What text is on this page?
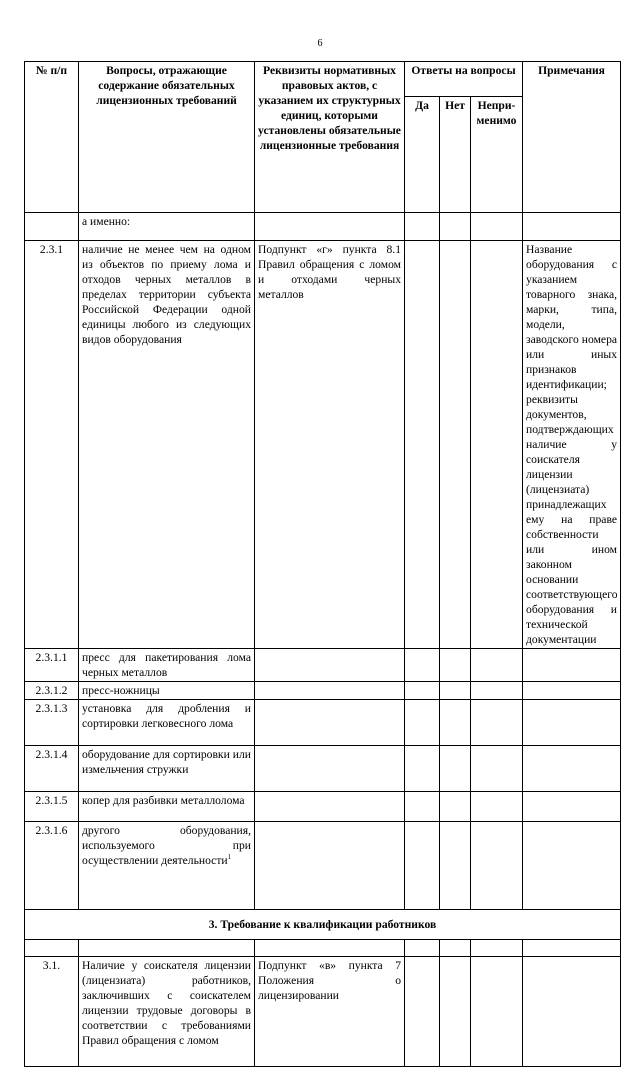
6
№ п/п	Вопросы, отражающие содержание обязательных лицензионных требований	Реквизиты нормативных правовых актов, с указанием их структурных единиц, которыми установлены обязательные лицензионные требования	Ответы на вопросы			Примечания
			Да	Нет	Непри-менимо	
	а именно:					
2.3.1	наличие не менее чем на одном из объектов по приему лома и отходов черных металлов в пределах территории субъекта Российской Федерации одной единицы любого из следующих видов оборудования	Подпункт «г» пункта 8.1 Правил обращения с ломом и отходами черных металлов				Название оборудования с указанием товарного знака, марки, типа, модели, заводского номера или иных признаков идентификации; реквизиты документов, подтверждающих наличие у соискателя лицензии (лицензиата) принадлежащих ему на праве собственности или ином законном основании соответствующего оборудования и технической документации
2.3.1.1	пресс для пакетирования лома черных металлов					
2.3.1.2	пресс-ножницы					
2.3.1.3	установка для дробления и сортировки легковесного лома					
2.3.1.4	оборудование для сортировки или измельчения стружки					
2.3.1.5	копер для разбивки металлолома					
2.3.1.6	другого оборудования, используемого при осуществлении деятельности$^1$					
3. Требование к квалификации работников						

3.1.	Наличие у соискателя лицензии (лицензиата) работников, заключивших с соискателем лицензии трудовые договоры в соответствии с требованиями Правил обращения с ломом	Подпункт «в» пункта 7 Положения о лицензировании				
